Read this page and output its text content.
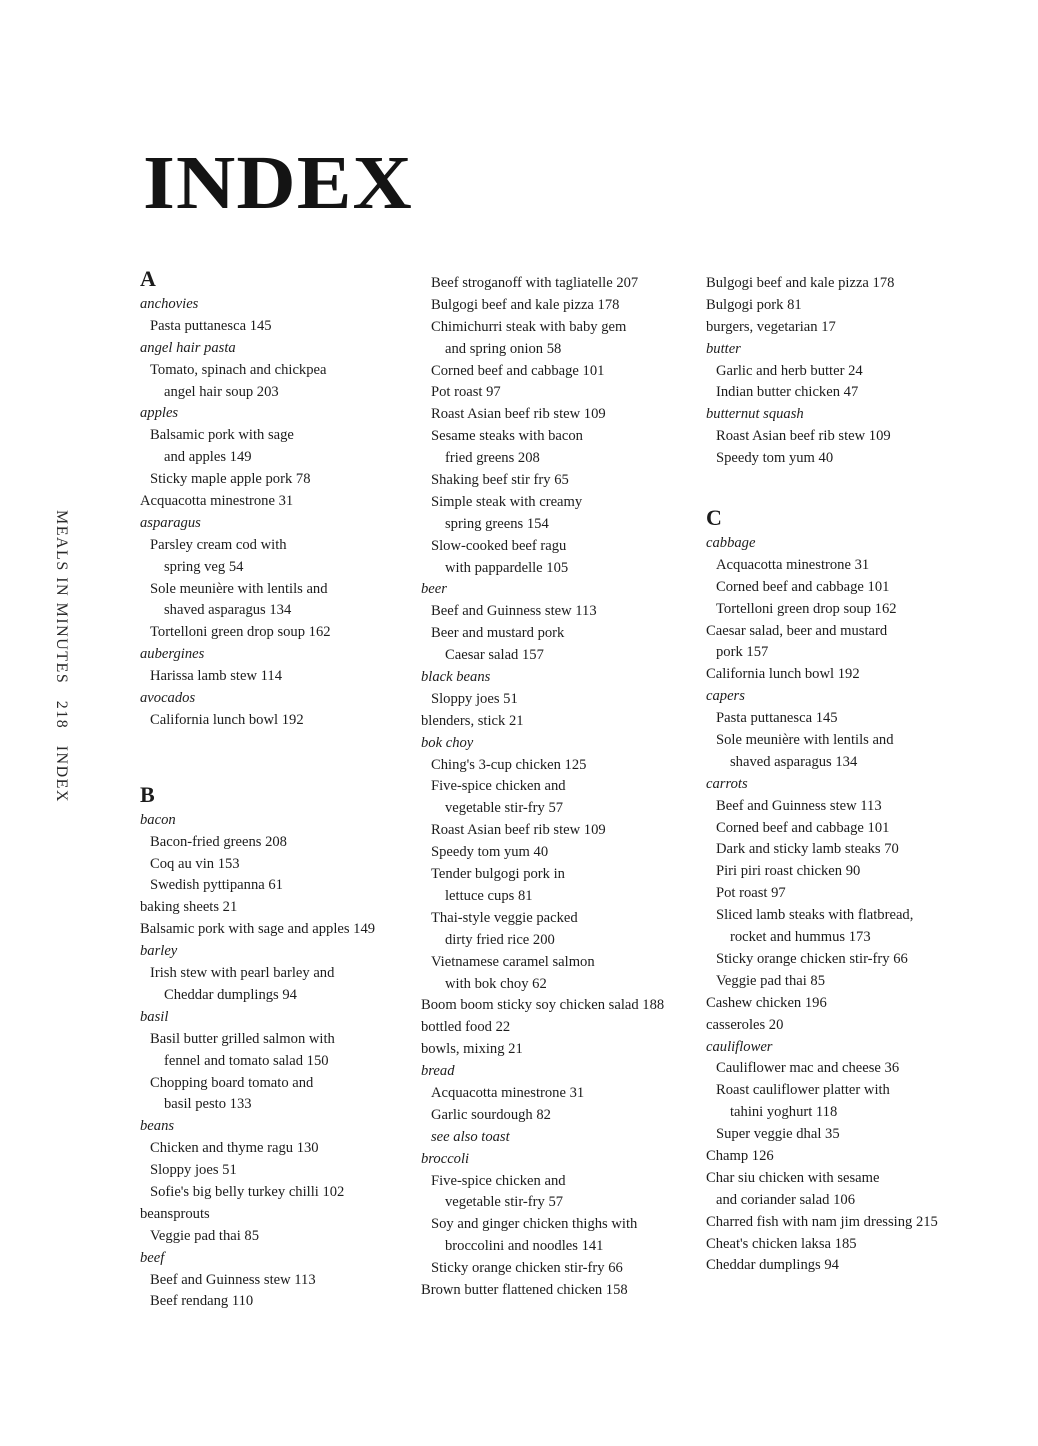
INDEX
MEALS IN MINUTES   218   INDEX
A
anchovies
Pasta puttanesca 145
angel hair pasta
Tomato, spinach and chickpea
angel hair soup 203
apples
Balsamic pork with sage
and apples 149
Sticky maple apple pork 78
Acquacotta minestrone 31
asparagus
Parsley cream cod with
spring veg 54
Sole meunière with lentils and
shaved asparagus 134
Tortelloni green drop soup 162
aubergines
Harissa lamb stew 114
avocados
California lunch bowl 192
B
bacon
Bacon-fried greens 208
Coq au vin 153
Swedish pyttipanna 61
baking sheets 21
Balsamic pork with sage and apples 149
barley
Irish stew with pearl barley and
Cheddar dumplings 94
basil
Basil butter grilled salmon with
fennel and tomato salad 150
Chopping board tomato and
basil pesto 133
beans
Chicken and thyme ragu 130
Sloppy joes 51
Sofie's big belly turkey chilli 102
beansprouts
Veggie pad thai 85
beef
Beef and Guinness stew 113
Beef rendang 110
Beef stroganoff with tagliatelle 207
Bulgogi beef and kale pizza 178
Chimichurri steak with baby gem
and spring onion 58
Corned beef and cabbage 101
Pot roast 97
Roast Asian beef rib stew 109
Sesame steaks with bacon
fried greens 208
Shaking beef stir fry 65
Simple steak with creamy
spring greens 154
Slow-cooked beef ragu
with pappardelle 105
beer
Beef and Guinness stew 113
Beer and mustard pork
Caesar salad 157
black beans
Sloppy joes 51
blenders, stick 21
bok choy
Ching's 3-cup chicken 125
Five-spice chicken and
vegetable stir-fry 57
Roast Asian beef rib stew 109
Speedy tom yum 40
Tender bulgogi pork in
lettuce cups 81
Thai-style veggie packed
dirty fried rice 200
Vietnamese caramel salmon
with bok choy 62
Boom boom sticky soy chicken salad 188
bottled food 22
bowls, mixing 21
bread
Acquacotta minestrone 31
Garlic sourdough 82
see also toast
broccoli
Five-spice chicken and
vegetable stir-fry 57
Soy and ginger chicken thighs with
broccolini and noodles 141
Sticky orange chicken stir-fry 66
Brown butter flattened chicken 158
Bulgogi beef and kale pizza 178
Bulgogi pork 81
burgers, vegetarian 17
butter
Garlic and herb butter 24
Indian butter chicken 47
butternut squash
Roast Asian beef rib stew 109
Speedy tom yum 40
C
cabbage
Acquacotta minestrone 31
Corned beef and cabbage 101
Tortelloni green drop soup 162
Caesar salad, beer and mustard
pork 157
California lunch bowl 192
capers
Pasta puttanesca 145
Sole meunière with lentils and
shaved asparagus 134
carrots
Beef and Guinness stew 113
Corned beef and cabbage 101
Dark and sticky lamb steaks 70
Piri piri roast chicken 90
Pot roast 97
Sliced lamb steaks with flatbread,
rocket and hummus 173
Sticky orange chicken stir-fry 66
Veggie pad thai 85
Cashew chicken 196
casseroles 20
cauliflower
Cauliflower mac and cheese 36
Roast cauliflower platter with
tahini yoghurt 118
Super veggie dhal 35
Champ 126
Char siu chicken with sesame
and coriander salad 106
Charred fish with nam jim dressing 215
Cheat's chicken laksa 185
Cheddar dumplings 94
